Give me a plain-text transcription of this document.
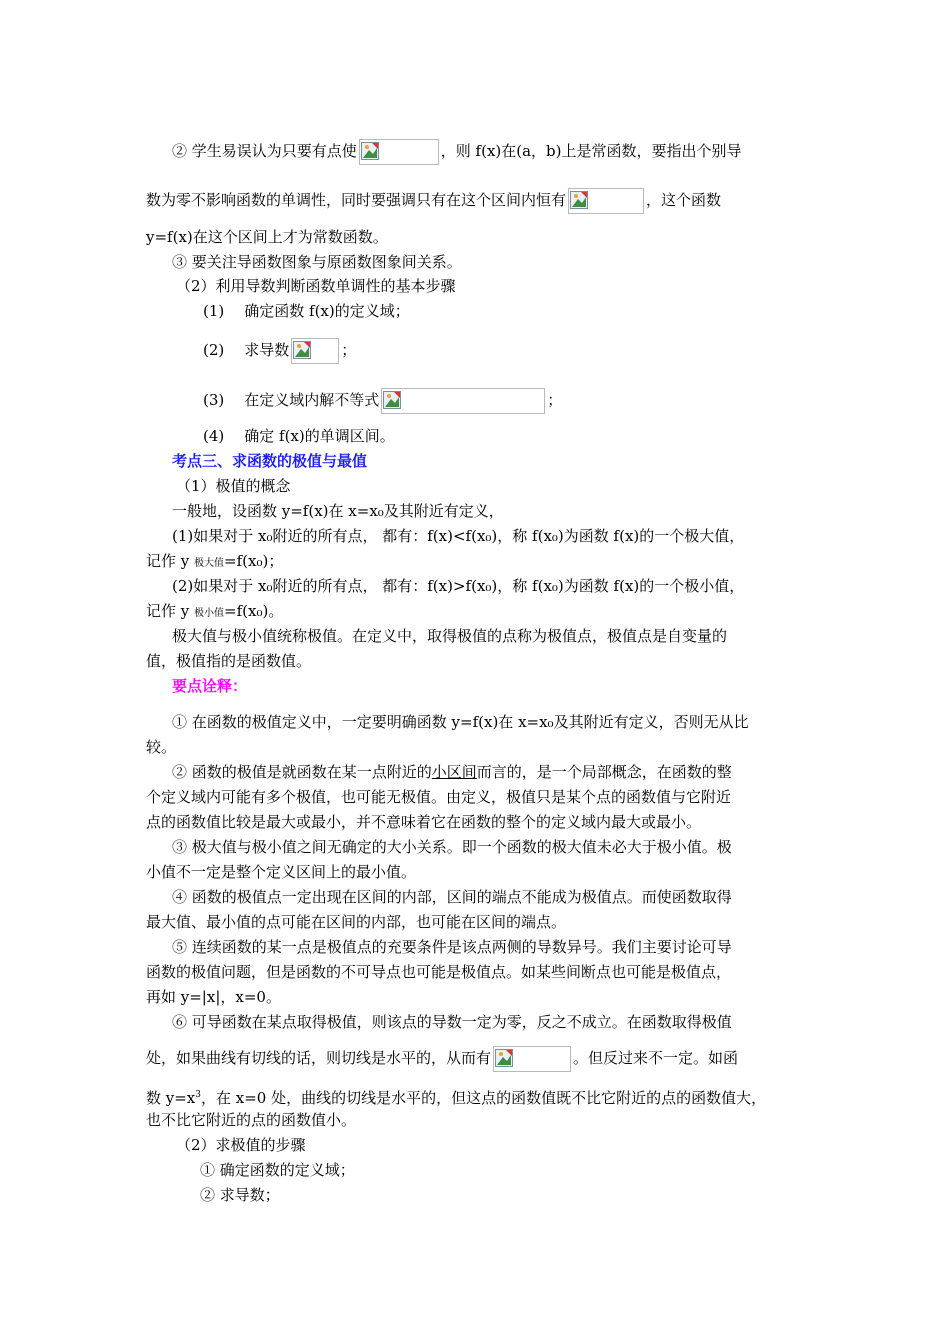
② 学生易误认为只要有点使	，则 f(x)在(a，b)上是常函数，要指出个别导
数为零不影响函数的单调性，同时要强调只有在这个区间内恒有	，这个函数
y=f(x)在这个区间上才为常数函数。
③ 要关注导函数图象与原函数图象间关系。
（2）利用导数判断函数单调性的基本步骤
(1) 确定函数 f(x)的定义域；
(2) 求导数	；
(3) 在定义域内解不等式	；
(4) 确定 f(x)的单调区间。
考点三、求函数的极值与最值
（1）极值的概念
一般地，设函数 y=f(x)在 x=x₀及其附近有定义，
(1)如果对于 x₀附近的所有点， 都有：f(x)<f(x₀)，称 f(x₀)为函数 f(x)的一个极大值，
记作 y 极大值=f(x₀)；
(2)如果对于 x₀附近的所有点， 都有：f(x)>f(x₀)，称 f(x₀)为函数 f(x)的一个极小值，
记作 y 极小值=f(x₀)。
极大值与极小值统称极值。在定义中，取得极值的点称为极值点，极值点是自变量的
值，极值指的是函数值。
要点诠释：
① 在函数的极值定义中，一定要明确函数 y=f(x)在 x=x₀及其附近有定义，否则无从比
较。
② 函数的极值是就函数在某一点附近的小区间而言的，是一个局部概念，在函数的整
个定义域内可能有多个极值，也可能无极值。由定义，极值只是某个点的函数值与它附近
点的函数值比较是最大或最小，并不意味着它在函数的整个的定义域内最大或最小。
③ 极大值与极小值之间无确定的大小关系。即一个函数的极大值未必大于极小值。极
小值不一定是整个定义区间上的最小值。
④ 函数的极值点一定出现在区间的内部，区间的端点不能成为极值点。而使函数取得
最大值、最小值的点可能在区间的内部，也可能在区间的端点。
⑤ 连续函数的某一点是极值点的充要条件是该点两侧的导数异号。我们主要讨论可导
函数的极值问题，但是函数的不可导点也可能是极值点。如某些间断点也可能是极值点，
再如 y=|x|，x=0。
⑥ 可导函数在某点取得极值，则该点的导数一定为零，反之不成立。在函数取得极值
处，如果曲线有切线的话，则切线是水平的，从而有	。但反过来不一定。如函
数 $y=x^3$，在 x=0 处，曲线的切线是水平的，但这点的函数值既不比它附近的点的函数值大，
也不比它附近的点的函数值小。
（2）求极值的步骤
① 确定函数的定义域；
② 求导数；
